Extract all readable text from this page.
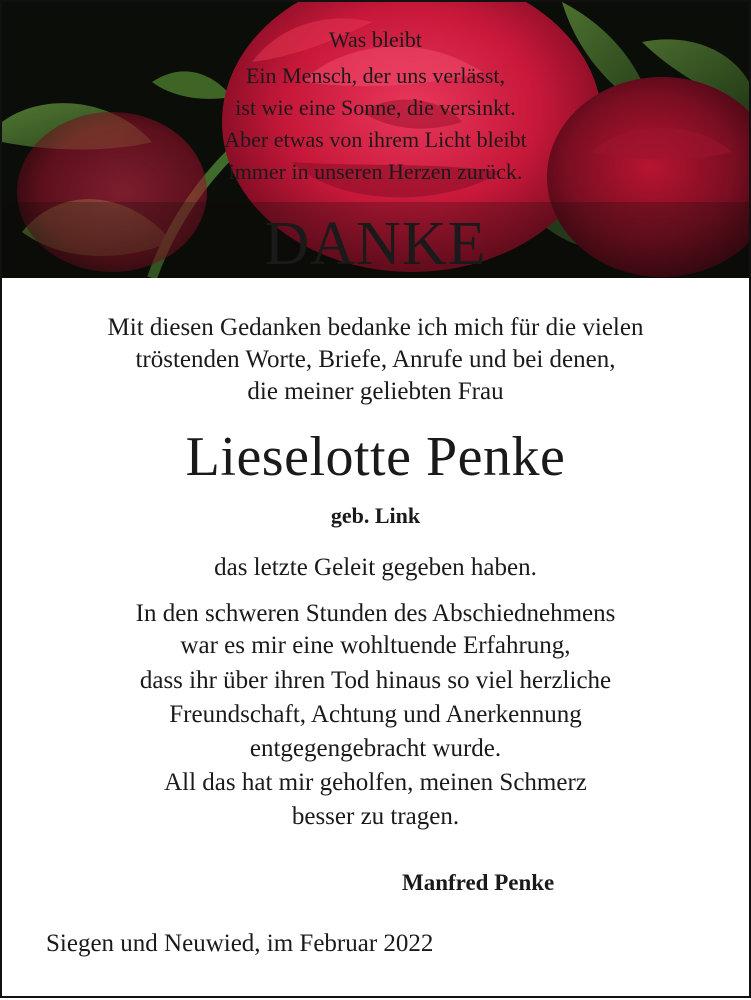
Was bleibt
Ein Mensch, der uns verlässt,
ist wie eine Sonne, die versinkt.
Aber etwas von ihrem Licht bleibt
immer in unseren Herzen zurück.
DANKE
Mit diesen Gedanken bedanke ich mich für die vielen
tröstenden Worte, Briefe, Anrufe und bei denen,
die meiner geliebten Frau
Lieselotte Penke
geb. Link
das letzte Geleit gegeben haben.
In den schweren Stunden des Abschiednehmens
war es mir eine wohltuende Erfahrung,
dass ihr über ihren Tod hinaus so viel herzliche
Freundschaft, Achtung und Anerkennung
entgegengebracht wurde.
All das hat mir geholfen, meinen Schmerz
besser zu tragen.
Manfred Penke
Siegen und Neuwied, im Februar 2022
